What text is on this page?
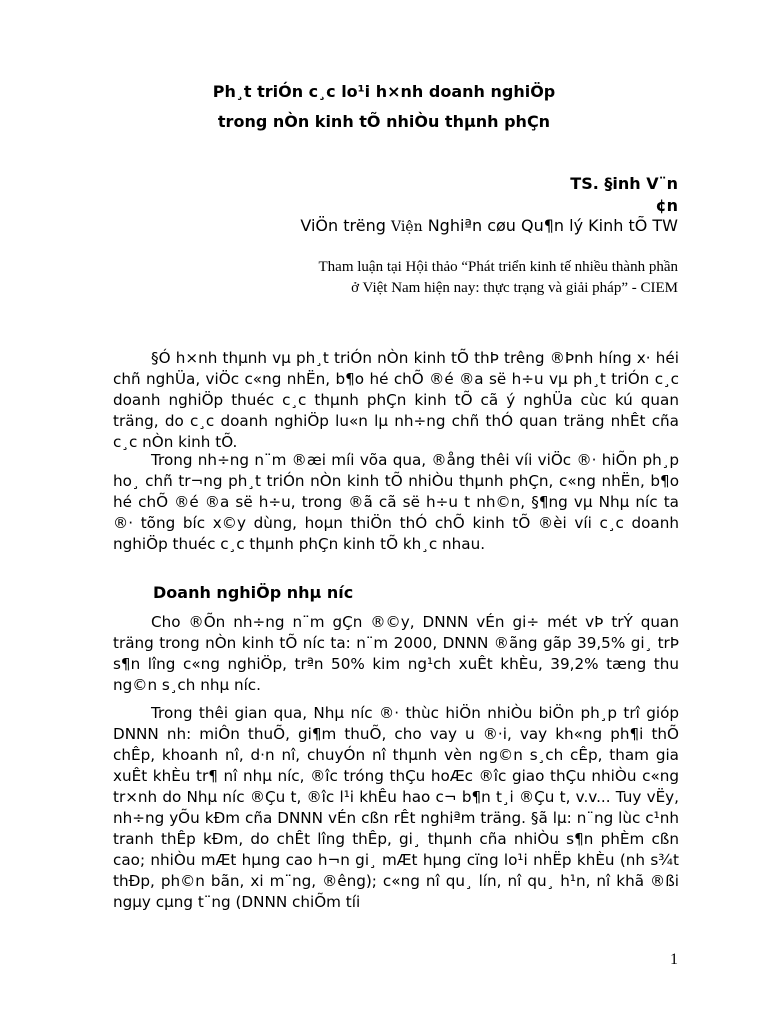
Ph¸t triÓn c¸c lo¹i h×nh doanh nghiÖp
trong nÒn kinh tÕ nhiÒu thµnh phÇn
TS. §inh V¨n
¢n
ViÖn trëng Viện Nghiªn cøu Qu¶n lý Kinh tÕ TW
Tham luận tại Hội thảo “Phát triển kinh tế nhiều thành phần
ở Việt Nam hiện nay: thực trạng và giải pháp” - CIEM

§Ó h×nh thµnh vµ ph¸t triÓn nÒn kinh tÕ thÞ trêng ®Þnh híng x· héi chñ nghÜa, viÖc c«ng nhËn, b¶o hé chÕ ®é ®a së h÷u vµ ph¸t triÓn c¸c doanh nghiÖp thuéc c¸c thµnh phÇn kinh tÕ cã ý nghÜa cùc kú quan träng, do c¸c doanh nghiÖp lu«n lµ nh÷ng chñ thÓ quan träng nhÊt cña c¸c nÒn kinh tÕ.

Trong nh÷ng n¨m ®æi míi võa qua, ®ång thêi víi viÖc ®· hiÕn ph¸p ho¸ chñ tr¬ng ph¸t triÓn nÒn kinh tÕ nhiÒu thµnh phÇn, c«ng nhËn, b¶o hé chÕ ®é ®a së h÷u, trong ®ã cã së h÷u t nh©n, §¶ng vµ Nhµ níc ta ®· tõng bíc x©y dùng, hoµn thiÖn thÓ chÕ kinh tÕ ®èi víi c¸c doanh nghiÖp thuéc c¸c thµnh phÇn kinh tÕ kh¸c nhau.

Doanh nghiÖp nhµ níc

Cho ®Õn nh÷ng n¨m gÇn ®©y, DNNN vÉn gi÷ mét vÞ trÝ quan träng trong nÒn kinh tÕ níc ta: n¨m 2000, DNNN ®ãng gãp 39,5% gi¸ trÞ s¶n lîng c«ng nghiÖp, trªn 50% kim ng¹ch xuÊt khÈu, 39,2% tæng thu ng©n s¸ch nhµ níc.

Trong thêi gian qua, Nhµ níc ®· thùc hiÖn nhiÒu biÖn ph¸p trî gióp DNNN nh: miÔn thuÕ, gi¶m thuÕ, cho vay u ®·i, vay kh«ng ph¶i thÕ chÊp, khoanh nî, d·n nî, chuyÓn nî thµnh vèn ng©n s¸ch cÊp, tham gia xuÊt khÈu tr¶ nî nhµ níc, ®îc tróng thÇu hoÆc ®îc giao thÇu nhiÒu c«ng tr×nh do Nhµ níc ®Çu t, ®îc l¹i khÊu hao c¬ b¶n t¸i ®Çu t, v.v... Tuy vËy, nh÷ng yÕu kÐm cña DNNN vÉn cßn rÊt nghiªm träng. §ã lµ: n¨ng lùc c¹nh tranh thÊp kÐm, do chÊt lîng thÊp, gi¸ thµnh cña nhiÒu s¶n phÈm cßn cao; nhiÒu mÆt hµng cao h¬n gi¸ mÆt hµng cïng lo¹i nhËp khÈu (nh s¾t thÐp, ph©n bãn, xi m¨ng, ®êng); c«ng nî qu¸ lín, nî qu¸ h¹n, nî khã ®ßi ngµy cµng t¨ng (DNNN chiÕm tíi

1
